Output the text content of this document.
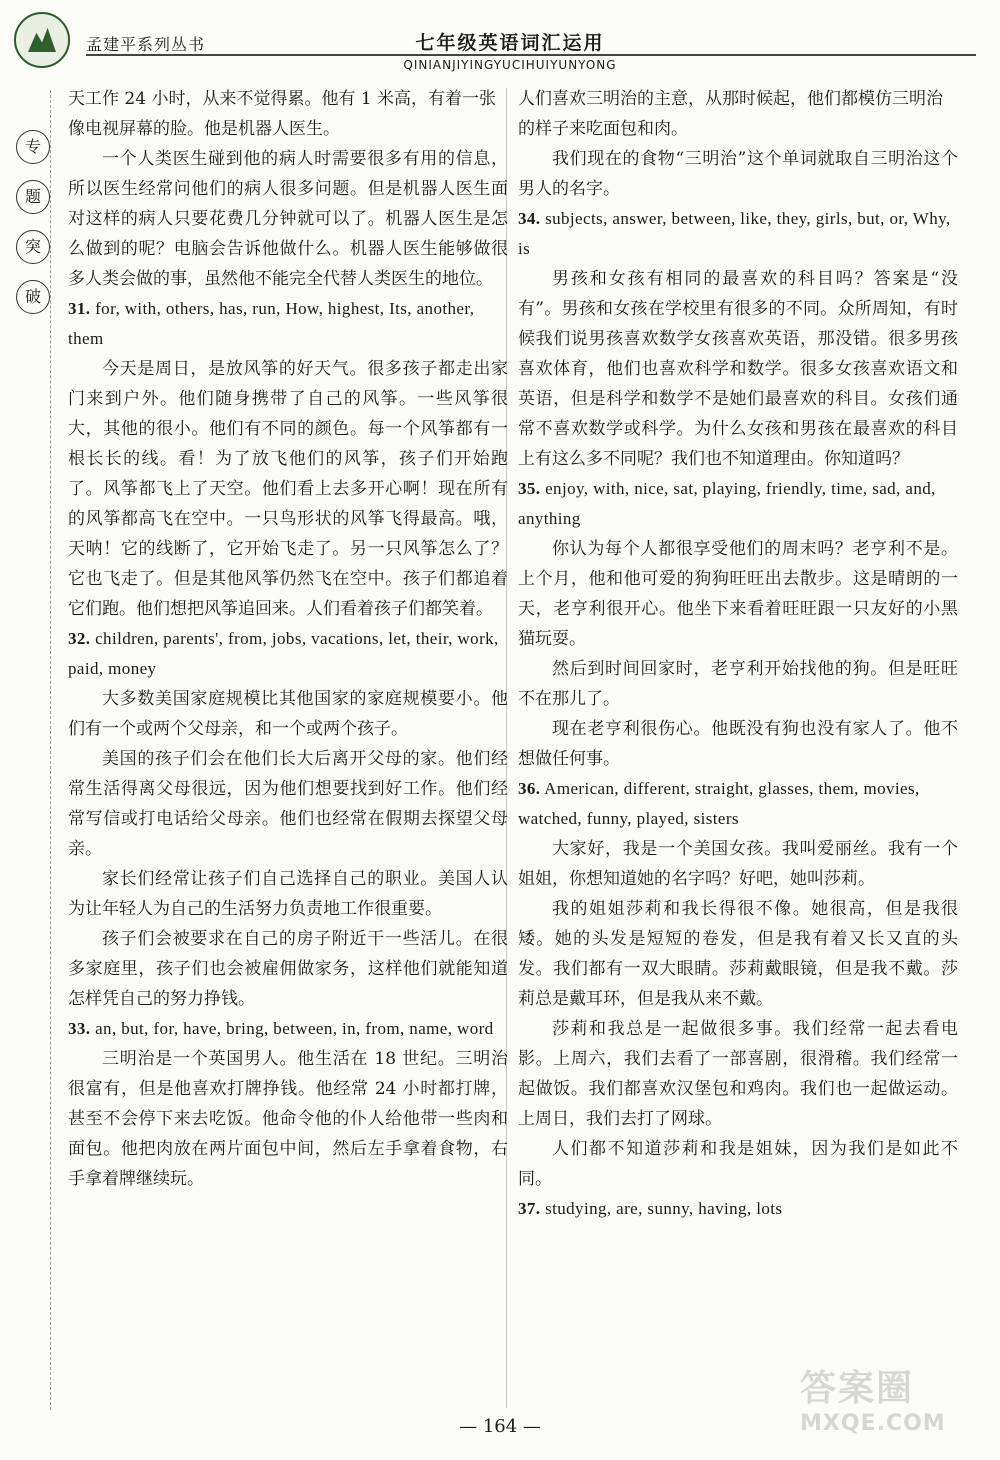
孟建平系列丛书	七年级英语词汇运用
QINIANJIYINGYUCIHUIYUNYONG
专
题
突
破

天工作 24 小时，从来不觉得累。他有 1 米高，有着一张像电视屏幕的脸。他是机器人医生。

一个人类医生碰到他的病人时需要很多有用的信息，所以医生经常问他们的病人很多问题。但是机器人医生面对这样的病人只要花费几分钟就可以了。机器人医生是怎么做到的呢？电脑会告诉他做什么。机器人医生能够做很多人类会做的事，虽然他不能完全代替人类医生的地位。

31. for, with, others, has, run, How, highest, Its, another, them

今天是周日，是放风筝的好天气。很多孩子都走出家门来到户外。他们随身携带了自己的风筝。一些风筝很大，其他的很小。他们有不同的颜色。每一个风筝都有一根长长的线。看！为了放飞他们的风筝，孩子们开始跑了。风筝都飞上了天空。他们看上去多开心啊！现在所有的风筝都高飞在空中。一只鸟形状的风筝飞得最高。哦，天呐！它的线断了，它开始飞走了。另一只风筝怎么了？它也飞走了。但是其他风筝仍然飞在空中。孩子们都追着它们跑。他们想把风筝追回来。人们看着孩子们都笑着。

32. children, parents', from, jobs, vacations, let, their, work, paid, money

大多数美国家庭规模比其他国家的家庭规模要小。他们有一个或两个父母亲，和一个或两个孩子。

美国的孩子们会在他们长大后离开父母的家。他们经常生活得离父母很远，因为他们想要找到好工作。他们经常写信或打电话给父母亲。他们也经常在假期去探望父母亲。

家长们经常让孩子们自己选择自己的职业。美国人认为让年轻人为自己的生活努力负责地工作很重要。

孩子们会被要求在自己的房子附近干一些活儿。在很多家庭里，孩子们也会被雇佣做家务，这样他们就能知道怎样凭自己的努力挣钱。

33. an, but, for, have, bring, between, in, from, name, word

三明治是一个英国男人。他生活在 18 世纪。三明治很富有，但是他喜欢打牌挣钱。他经常 24 小时都打牌，甚至不会停下来去吃饭。他命令他的仆人给他带一些肉和面包。他把肉放在两片面包中间，然后左手拿着食物，右手拿着牌继续玩。

人们喜欢三明治的主意，从那时候起，他们都模仿三明治的样子来吃面包和肉。

我们现在的食物“三明治”这个单词就取自三明治这个男人的名字。

34. subjects, answer, between, like, they, girls, but, or, Why, is

男孩和女孩有相同的最喜欢的科目吗？答案是“没有”。男孩和女孩在学校里有很多的不同。众所周知，有时候我们说男孩喜欢数学女孩喜欢英语，那没错。很多男孩喜欢体育，他们也喜欢科学和数学。很多女孩喜欢语文和英语，但是科学和数学不是她们最喜欢的科目。女孩们通常不喜欢数学或科学。为什么女孩和男孩在最喜欢的科目上有这么多不同呢？我们也不知道理由。你知道吗？

35. enjoy, with, nice, sat, playing, friendly, time, sad, and, anything

你认为每个人都很享受他们的周末吗？老亨利不是。上个月，他和他可爱的狗狗旺旺出去散步。这是晴朗的一天，老亨利很开心。他坐下来看着旺旺跟一只友好的小黑猫玩耍。

然后到时间回家时，老亨利开始找他的狗。但是旺旺不在那儿了。

现在老亨利很伤心。他既没有狗也没有家人了。他不想做任何事。

36. American, different, straight, glasses, them, movies, watched, funny, played, sisters

大家好，我是一个美国女孩。我叫爱丽丝。我有一个姐姐，你想知道她的名字吗？好吧，她叫莎莉。

我的姐姐莎莉和我长得很不像。她很高，但是我很矮。她的头发是短短的卷发，但是我有着又长又直的头发。我们都有一双大眼睛。莎莉戴眼镜，但是我不戴。莎莉总是戴耳环，但是我从来不戴。

莎莉和我总是一起做很多事。我们经常一起去看电影。上周六，我们去看了一部喜剧，很滑稽。我们经常一起做饭。我们都喜欢汉堡包和鸡肉。我们也一起做运动。上周日，我们去打了网球。

人们都不知道莎莉和我是姐妹，因为我们是如此不同。

37. studying, are, sunny, having, lots

— 164 —
答案圈
MXQE.COM
